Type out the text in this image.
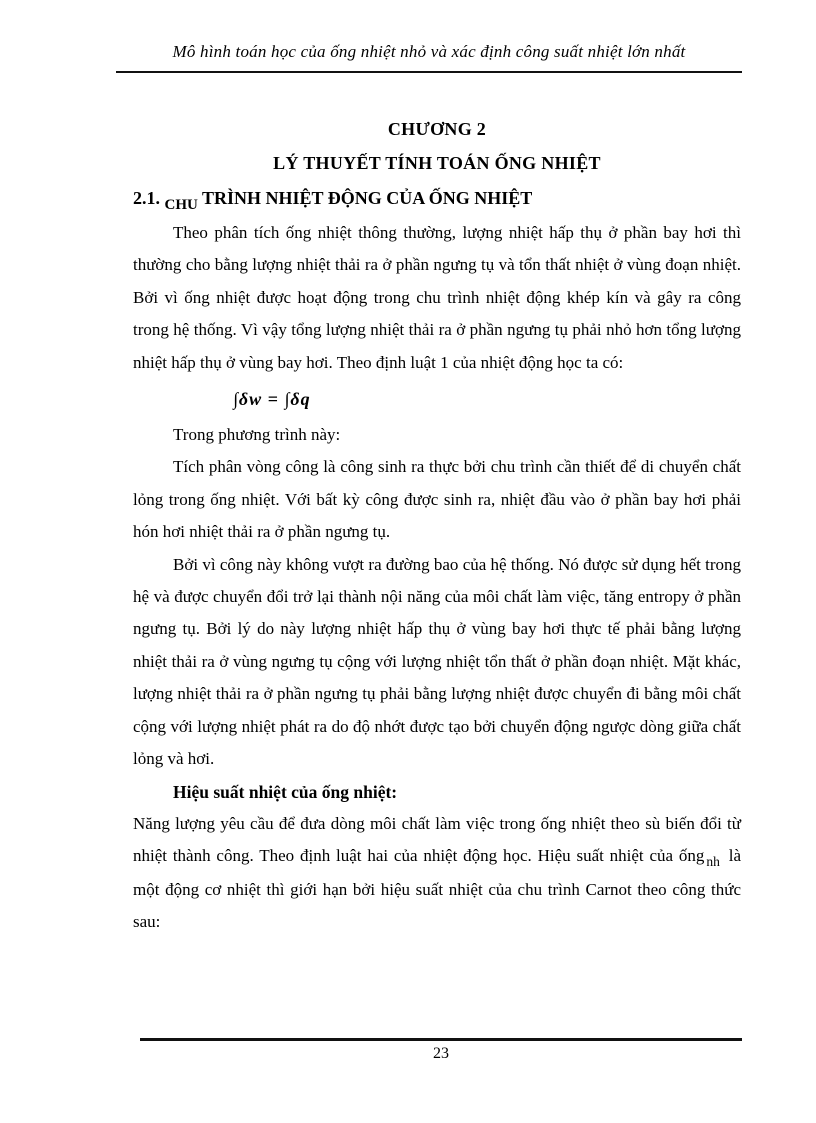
Mô hình toán học của ống nhiệt nhỏ và xác định công suất nhiệt lớn nhất
CHƯƠNG 2
LÝ THUYẾT TÍNH TOÁN ỐNG NHIỆT
2.1. $_{CHU}$ TRÌNH NHIỆT ĐỘNG CỦA ỐNG NHIỆT

Theo phân tích ống nhiệt thông thường, lượng nhiệt hấp thụ ở phần bay hơi thì thường cho bằng lượng nhiệt thải ra ở phần ngưng tụ và tổn thất nhiệt ở vùng đoạn nhiệt. Bởi vì ống nhiệt được hoạt động trong chu trình nhiệt động khép kín và gây ra công trong hệ thống. Vì vậy tổng lượng nhiệt thải ra ở phần ngưng tụ phải nhỏ hơn tổng lượng nhiệt hấp thụ ở vùng bay hơi. Theo định luật 1 của nhiệt động học ta có:

∫δw = ∫δq

Trong phương trình này:

Tích phân vòng công là công sinh ra thực bởi chu trình cần thiết để di chuyển chất lỏng trong ống nhiệt. Với bất kỳ công được sinh ra, nhiệt đầu vào ở phần bay hơi phải hón hơi nhiệt thải ra ở phần ngưng tụ.

Bởi vì công này không vượt ra đường bao của hệ thống. Nó được sử dụng hết trong hệ và được chuyển đổi trở lại thành nội năng của môi chất làm việc, tăng entropy ở phần ngưng tụ. Bởi lý do này lượng nhiệt hấp thụ ở vùng bay hơi thực tế phải bằng lượng nhiệt thải ra ở vùng ngưng tụ cộng với lượng nhiệt tổn thất ở phần đoạn nhiệt. Mặt khác, lượng nhiệt thải ra ở phần ngưng tụ phải bằng lượng nhiệt được chuyển đi bằng môi chất cộng với lượng nhiệt phát ra do độ nhớt được tạo bởi chuyển động ngược dòng giữa chất lỏng và hơi.

Hiệu suất nhiệt của ống nhiệt:

Năng lượng yêu cầu để đưa dòng môi chất làm việc trong ống nhiệt theo sù biến đổi từ nhiệt thành công. Theo định luật hai của nhiệt động học. Hiệu suất nhiệt của ống $_{nh}$ là một động cơ nhiệt thì giới hạn bởi hiệu suất nhiệt của chu trình Carnot theo công thức sau:

23
